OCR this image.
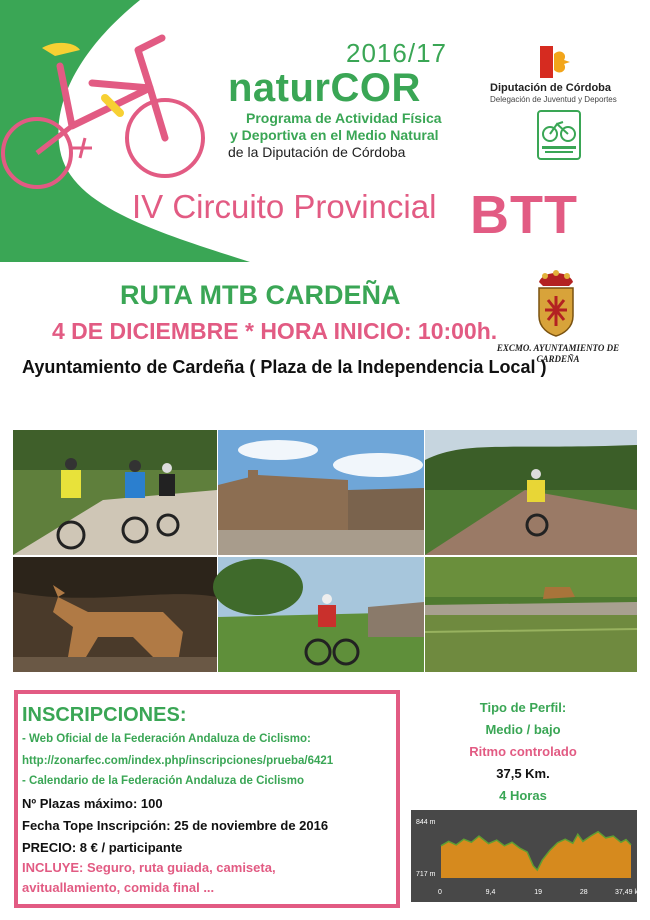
2016/17
naturCOR
Programa de Actividad Física
y Deportiva en el Medio Natural
de la Diputación de Córdoba
Diputación de Córdoba
Delegación de Juventud y Deportes
IV Circuito Provincial BTT
RUTA MTB CARDEÑA
4 DE DICIEMBRE * HORA INICIO: 10:00h.
Ayuntamiento de Cardeña ( Plaza de la Independencia Local )
EXCMO. AYUNTAMIENTO DE CARDEÑA
INSCRIPCIONES:
- Web Oficial de la Federación Andaluza de Ciclismo:
http://zonarfec.com/index.php/inscripciones/prueba/6421
- Calendario de la Federación Andaluza de Ciclismo
Nº Plazas máximo: 100
Fecha Tope Inscripción: 25 de noviembre de 2016
PRECIO: 8 € / participante
INCLUYE: Seguro, ruta guiada, camiseta,
avituallamiento, comida final ...
Tipo de Perfil:
Medio / bajo
Ritmo controlado
37,5 Km.
4 Horas
844 m
717 m
0	9,4	19	28	37,49 km
